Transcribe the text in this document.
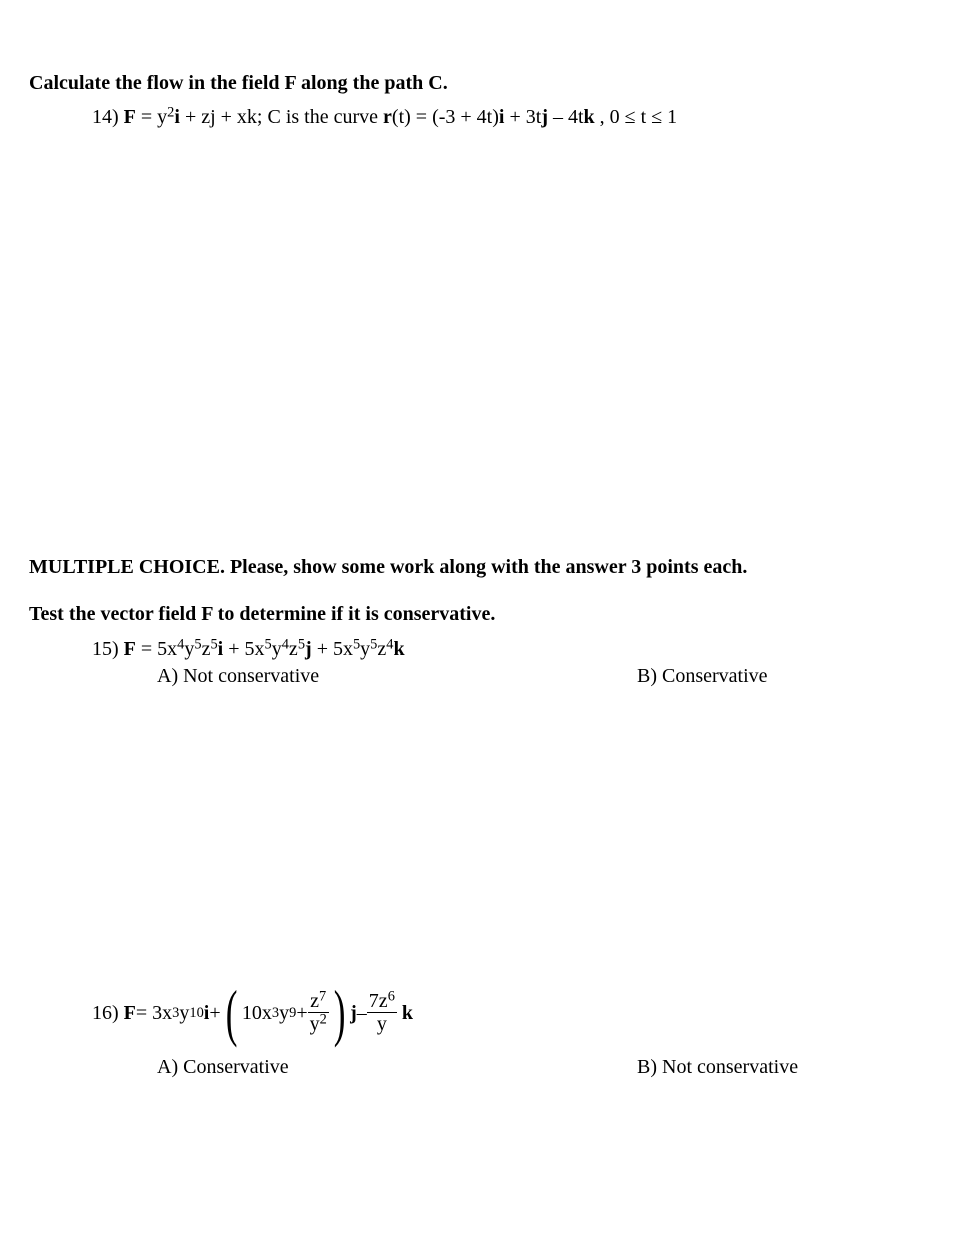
Calculate the flow in the field F along the path C.
14) $F = y^2i$ + zj + xk; C is the curve r(t) = (-3 + 4t)i + 3tj – 4tk , 0 ≤ t ≤ 1
MULTIPLE CHOICE. Please, show some work along with the answer 3 points each.
Test the vector field F to determine if it is conservative.
15) $F = 5x^4y^5z^5i + 5x^5y^4z^5j + 5x^5y^5z^4k$
A) Not conservative	B) Conservative
16)
F = 3x 3 y 10 i + ( 10x 3 y $9 + \frac{z^7}{y^2}$ ) j – $\frac{7z^6}{y}$
k
A) Conservative	B) Not conservative
